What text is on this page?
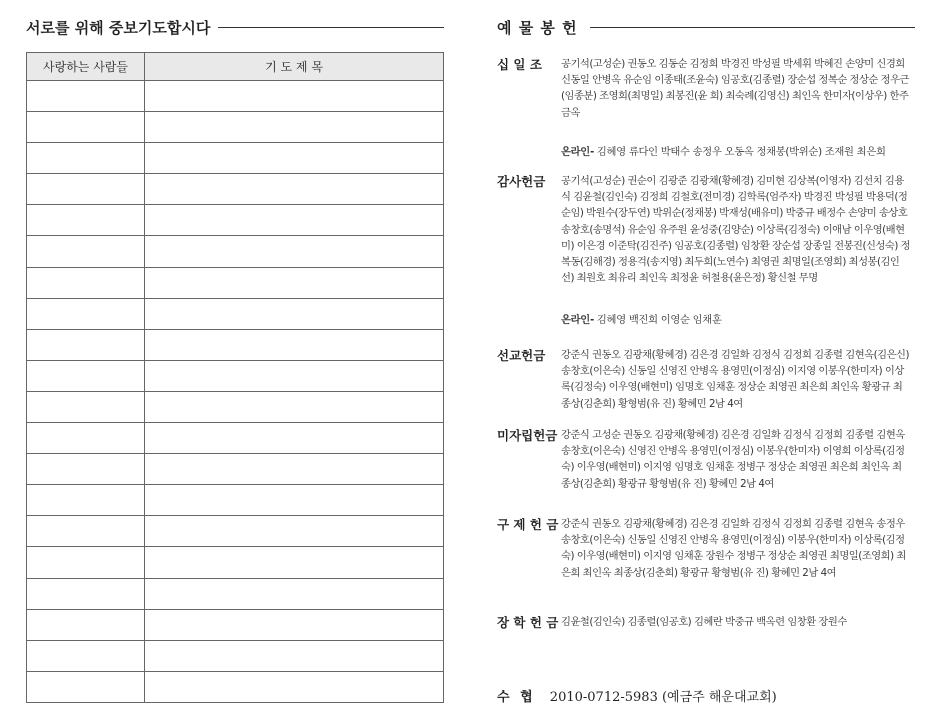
서로를 위해 중보기도합시다
사랑하는 사람들	기 도 제 목

예 물 봉 헌
십 일 조	공기석(고성순) 권동오 김동순 김정희 박경진 박성필 박세휘 박혜진 손양미 신경희 신동일 안병옥 유순임 이종태(조윤숙) 임공호(김종렬) 장순섭 정복순 정상순 정우근(임종분) 조영희(최명일) 최봉진(윤 희) 최숙례(김영신) 최인옥 한미자(이상우) 한주금옥
온라인- 김혜영 류다인 박태수 송정우 오동옥 정채봉(박위순) 조재원 최은희
감사헌금	공기석(고성순) 권순이 김광준 김광채(황혜경) 김미현 김상복(이영자) 김선치 김용식 김윤철(김인숙) 김정희 김철호(전미경) 김학록(엄주자) 박경진 박성필 박용덕(정순임) 박원수(장두연) 박위순(정채봉) 박재성(배유미) 박중규 배정수 손양미 송상호 송창호(송명석) 유순임 유주원 윤성중(김양순) 이상록(김정숙) 이애남 이우영(배현미) 이은경 이준탁(김진주) 임공호(김종렬) 임창환 장순섭 장종일 전봉진(신성숙) 정복동(김해경) 정용걱(송지영) 최두희(노연수) 최영권 최명일(조영희) 최성봉(김인선) 최원호 최유리 최인옥 최정윤 허철용(윤은정) 황신철 무명
온라인- 김혜영 백진희 이영순 임채훈
선교헌금	강준식 권동오 김광채(황혜경) 김은경 김일화 김정식 김정희 김종렬 김현옥(김은신) 송창호(이은숙) 신동일 신영진 안병옥 용영민(이정심) 이지영 이봉우(한미자) 이상록(김정숙) 이우영(배현미) 임명호 임채훈 정상순 최영권 최은희 최인옥 황광규 최종상(김춘희) 황형범(유 진) 황혜민 2남 4여
미자립헌금 강준식 고성순 권동오 김광채(황혜경) 김은경 김일화 김정식 김정희 김종렬 김현옥 송창호(이은숙) 신영진 안병옥 용영민(이정심) 이봉우(한미자) 이영희 이상록(김정숙) 이우영(배현미) 이지영 임명호 임채훈 정병구 정상순 최영권 최은희 최인옥 최종상(김춘희) 황광규 황형범(유 진) 황혜민 2남 4여
구 제 헌 금 강준식 권동오 김광채(황혜경) 김은경 김일화 김정식 김정희 김종렬 김현옥 송정우 송창호(이은숙) 신동일 신영진 안병옥 용영민(이정심) 이봉우(한미자) 이상록(김정숙) 이우영(배현미) 이지영 임채훈 장원수 정병구 정상순 최영권 최명일(조영희) 최은희 최인옥 최종상(김춘희) 황광규 황형범(유 진) 황혜민 2남 4여
장 학 헌 금 김윤철(김인숙) 김종렬(임공호) 김혜란 박중규 백옥련 임창환 장원수
수 협 2010-0712-5983 (예금주 해운대교회)
